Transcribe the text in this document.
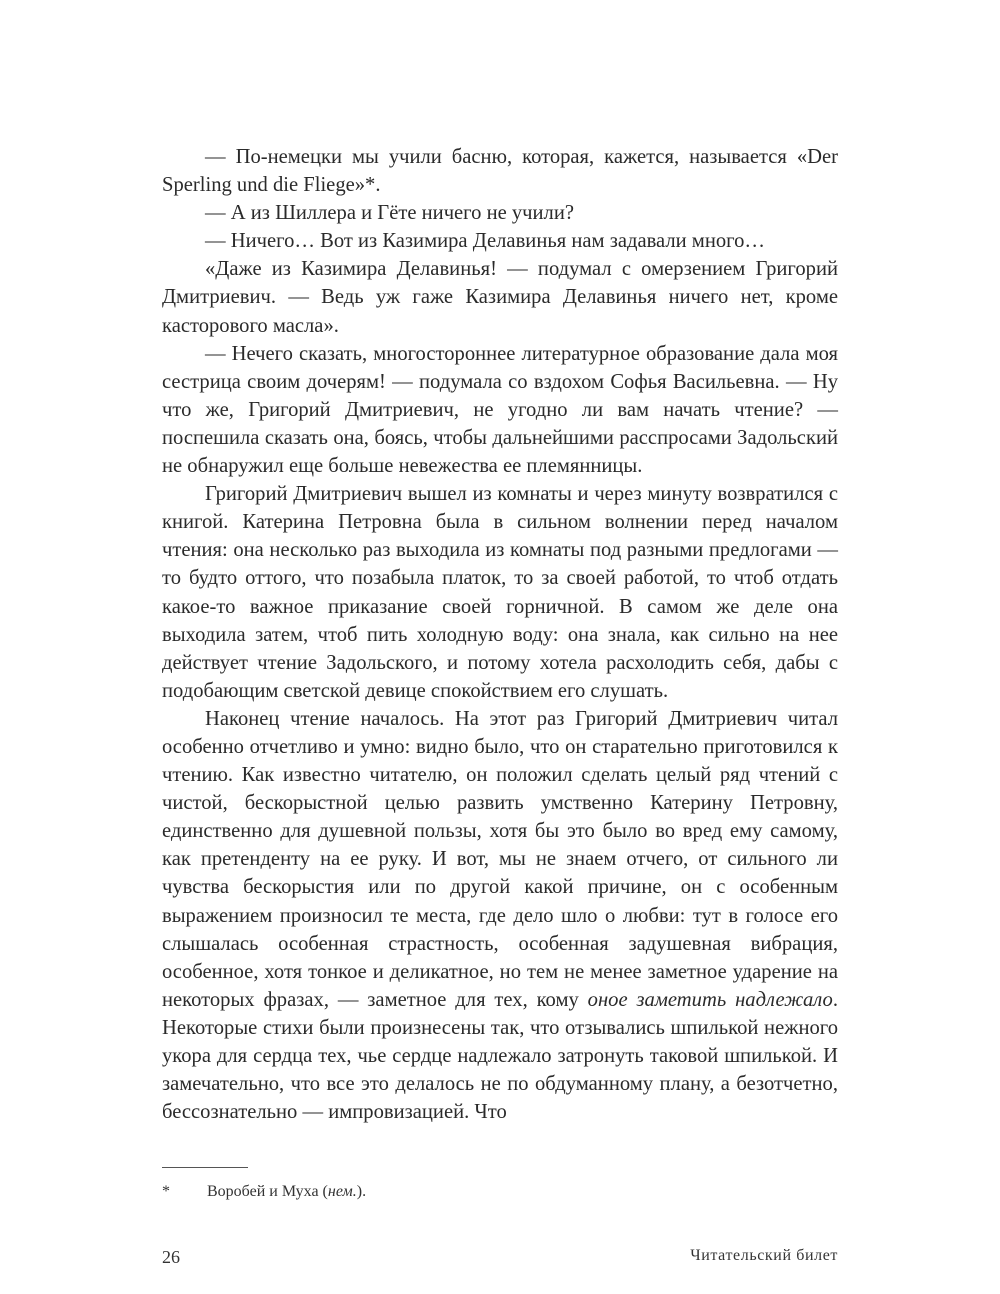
— По-немецки мы учили басню, которая, кажется, называется «Der Sperling und die Fliege»*.

— А из Шиллера и Гёте ничего не учили?

— Ничего… Вот из Казимира Делавинья нам задавали много…

«Даже из Казимира Делавинья! — подумал с омерзением Григорий Дмитриевич. — Ведь уж гаже Казимира Делавинья ничего нет, кроме касторового масла».

— Нечего сказать, многостороннее литературное образование дала моя сестрица своим дочерям! — подумала со вздохом Софья Васильевна. — Ну что же, Григорий Дмитриевич, не угодно ли вам начать чтение? — поспешила сказать она, боясь, чтобы дальнейшими расспросами Задольский не обнаружил еще больше невежества ее племянницы.

Григорий Дмитриевич вышел из комнаты и через минуту возвратился с книгой. Катерина Петровна была в сильном волнении перед началом чтения: она несколько раз выходила из комнаты под разными предлогами — то будто оттого, что позабыла платок, то за своей работой, то чтоб отдать какое-то важное приказание своей горничной. В самом же деле она выходила затем, чтоб пить холодную воду: она знала, как сильно на нее действует чтение Задольского, и потому хотела расхолодить себя, дабы с подобающим светской девице спокойствием его слушать.

Наконец чтение началось. На этот раз Григорий Дмитриевич читал особенно отчетливо и умно: видно было, что он старательно приготовился к чтению. Как известно читателю, он положил сделать целый ряд чтений с чистой, бескорыстной целью развить умственно Катерину Петровну, единственно для душевной пользы, хотя бы это было во вред ему самому, как претенденту на ее руку. И вот, мы не знаем отчего, от сильного ли чувства бескорыстия или по другой какой причине, он с особенным выражением произносил те места, где дело шло о любви: тут в голосе его слышалась особенная страстность, особенная задушевная вибрация, особенное, хотя тонкое и деликатное, но тем не менее заметное ударение на некоторых фразах, — заметное для тех, кому оное заметить надлежало. Некоторые стихи были произнесены так, что отзывались шпилькой нежного укора для сердца тех, чье сердце надлежало затронуть таковой шпилькой. И замечательно, что все это делалось не по обдуманному плану, а безотчетно, бессознательно — импровизацией. Что

* Воробей и Муха (нем.).
26	Читательский билет
